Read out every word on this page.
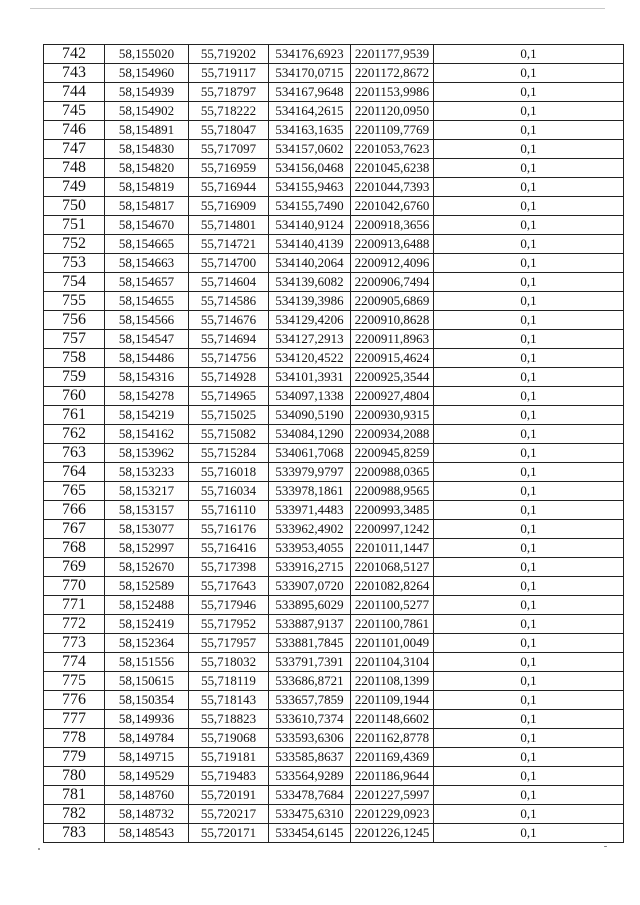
742	58,155020	55,719202	534176,6923	2201177,9539	0,1
743	58,154960	55,719117	534170,0715	2201172,8672	0,1
744	58,154939	55,718797	534167,9648	2201153,9986	0,1
745	58,154902	55,718222	534164,2615	2201120,0950	0,1
746	58,154891	55,718047	534163,1635	2201109,7769	0,1
747	58,154830	55,717097	534157,0602	2201053,7623	0,1
748	58,154820	55,716959	534156,0468	2201045,6238	0,1
749	58,154819	55,716944	534155,9463	2201044,7393	0,1
750	58,154817	55,716909	534155,7490	2201042,6760	0,1
751	58,154670	55,714801	534140,9124	2200918,3656	0,1
752	58,154665	55,714721	534140,4139	2200913,6488	0,1
753	58,154663	55,714700	534140,2064	2200912,4096	0,1
754	58,154657	55,714604	534139,6082	2200906,7494	0,1
755	58,154655	55,714586	534139,3986	2200905,6869	0,1
756	58,154566	55,714676	534129,4206	2200910,8628	0,1
757	58,154547	55,714694	534127,2913	2200911,8963	0,1
758	58,154486	55,714756	534120,4522	2200915,4624	0,1
759	58,154316	55,714928	534101,3931	2200925,3544	0,1
760	58,154278	55,714965	534097,1338	2200927,4804	0,1
761	58,154219	55,715025	534090,5190	2200930,9315	0,1
762	58,154162	55,715082	534084,1290	2200934,2088	0,1
763	58,153962	55,715284	534061,7068	2200945,8259	0,1
764	58,153233	55,716018	533979,9797	2200988,0365	0,1
765	58,153217	55,716034	533978,1861	2200988,9565	0,1
766	58,153157	55,716110	533971,4483	2200993,3485	0,1
767	58,153077	55,716176	533962,4902	2200997,1242	0,1
768	58,152997	55,716416	533953,4055	2201011,1447	0,1
769	58,152670	55,717398	533916,2715	2201068,5127	0,1
770	58,152589	55,717643	533907,0720	2201082,8264	0,1
771	58,152488	55,717946	533895,6029	2201100,5277	0,1
772	58,152419	55,717952	533887,9137	2201100,7861	0,1
773	58,152364	55,717957	533881,7845	2201101,0049	0,1
774	58,151556	55,718032	533791,7391	2201104,3104	0,1
775	58,150615	55,718119	533686,8721	2201108,1399	0,1
776	58,150354	55,718143	533657,7859	2201109,1944	0,1
777	58,149936	55,718823	533610,7374	2201148,6602	0,1
778	58,149784	55,719068	533593,6306	2201162,8778	0,1
779	58,149715	55,719181	533585,8637	2201169,4369	0,1
780	58,149529	55,719483	533564,9289	2201186,9644	0,1
781	58,148760	55,720191	533478,7684	2201227,5997	0,1
782	58,148732	55,720217	533475,6310	2201229,0923	0,1
783	58,148543	55,720171	533454,6145	2201226,1245	0,1
